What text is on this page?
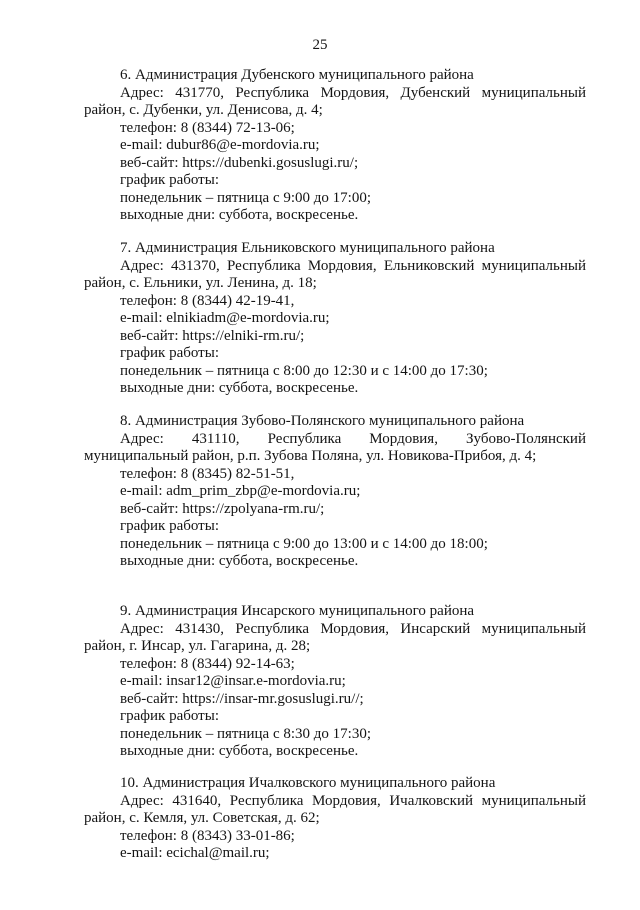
25
6. Администрация Дубенского муниципального района
Адрес: 431770, Республика Мордовия, Дубенский муниципальный
район, с. Дубенки, ул. Денисова, д. 4;
телефон: 8 (8344) 72-13-06;
e-mail: dubur86@e-mordovia.ru;
веб-сайт: https://dubenki.gosuslugi.ru/;
график работы:
понедельник – пятница с 9:00 до 17:00;
выходные дни: суббота, воскресенье.
7. Администрация Ельниковского муниципального района
Адрес: 431370, Республика Мордовия, Ельниковский муниципальный
район, с. Ельники, ул. Ленина, д. 18;
телефон: 8 (8344) 42-19-41,
e-mail: elnikiadm@e-mordovia.ru;
веб-сайт: https://elniki-rm.ru/;
график работы:
понедельник – пятница с 8:00 до 12:30 и с 14:00 до 17:30;
выходные дни: суббота, воскресенье.
8. Администрация Зубово-Полянского муниципального района
Адрес: 431110, Республика Мордовия, Зубово-Полянский
муниципальный район, р.п. Зубова Поляна, ул. Новикова-Прибоя, д. 4;
телефон: 8 (8345) 82-51-51,
e-mail: adm_prim_zbp@e-mordovia.ru;
веб-сайт: https://zpolyana-rm.ru/;
график работы:
понедельник – пятница с 9:00 до 13:00 и с 14:00 до 18:00;
выходные дни: суббота, воскресенье.
9. Администрация Инсарского муниципального района
Адрес: 431430, Республика Мордовия, Инсарский муниципальный
район, г. Инсар, ул. Гагарина, д. 28;
телефон: 8 (8344) 92-14-63;
e-mail: insar12@insar.e-mordovia.ru;
веб-сайт: https://insar-mr.gosuslugi.ru//;
график работы:
понедельник – пятница с 8:30 до 17:30;
выходные дни: суббота, воскресенье.
10. Администрация Ичалковского муниципального района
Адрес: 431640, Республика Мордовия, Ичалковский муниципальный
район, с. Кемля, ул. Советская, д. 62;
телефон: 8 (8343) 33-01-86;
e-mail: ecichal@mail.ru;
